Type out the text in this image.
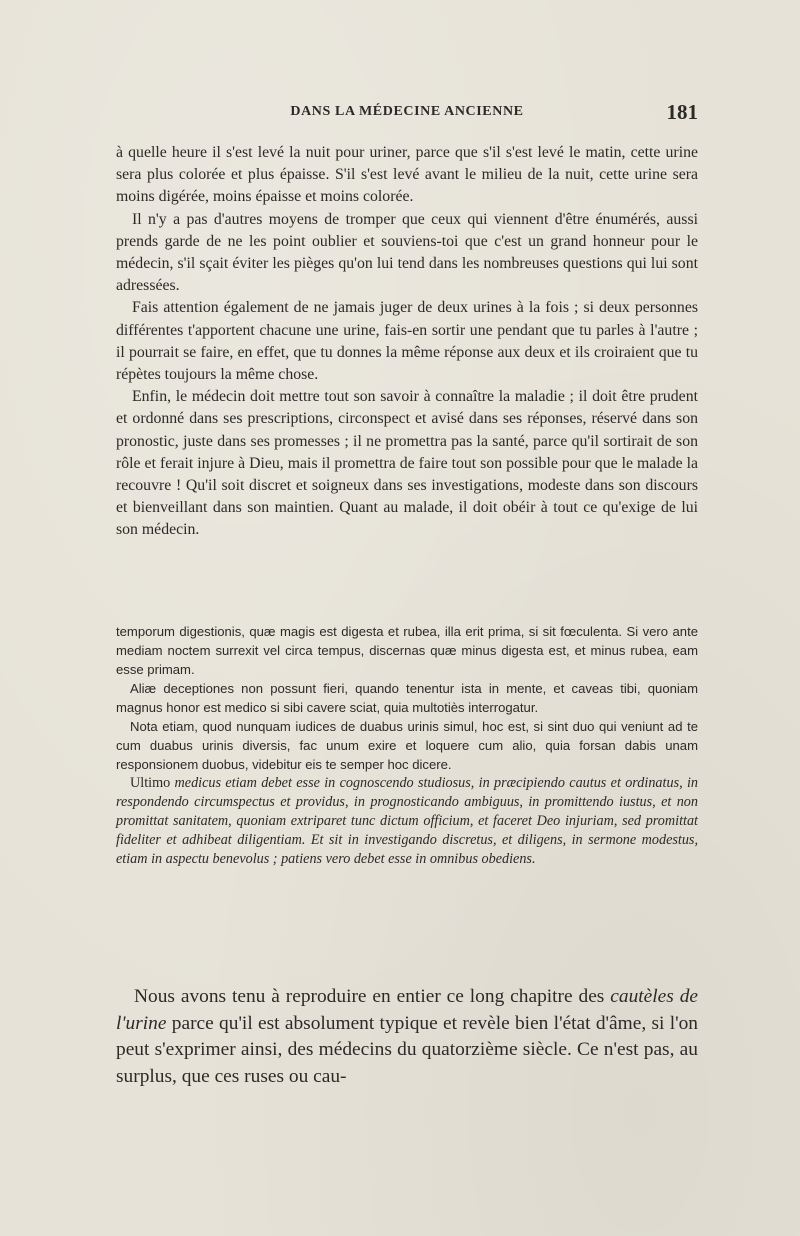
DANS LA MÉDECINE ANCIENNE	181

à quelle heure il s'est levé la nuit pour uriner, parce que s'il s'est levé le matin, cette urine sera plus colorée et plus épaisse. S'il s'est levé avant le milieu de la nuit, cette urine sera moins digérée, moins épaisse et moins colorée.

Il n'y a pas d'autres moyens de tromper que ceux qui viennent d'être énumérés, aussi prends garde de ne les point oublier et souviens-toi que c'est un grand honneur pour le médecin, s'il sçait éviter les pièges qu'on lui tend dans les nombreuses questions qui lui sont adressées.

Fais attention également de ne jamais juger de deux urines à la fois ; si deux personnes différentes t'apportent chacune une urine, fais-en sortir une pendant que tu parles à l'autre ; il pourrait se faire, en effet, que tu donnes la même réponse aux deux et ils croiraient que tu répètes toujours la même chose.

Enfin, le médecin doit mettre tout son savoir à connaître la maladie ; il doit être prudent et ordonné dans ses prescriptions, circonspect et avisé dans ses réponses, réservé dans son pronostic, juste dans ses promesses ; il ne promettra pas la santé, parce qu'il sortirait de son rôle et ferait injure à Dieu, mais il promettra de faire tout son possible pour que le malade la recouvre ! Qu'il soit discret et soigneux dans ses investigations, modeste dans son discours et bienveillant dans son maintien. Quant au malade, il doit obéir à tout ce qu'exige de lui son médecin.

temporum digestionis, quæ magis est digesta et rubea, illa erit prima, si sit fœculenta. Si vero ante mediam noctem surrexit vel circa tempus, discernas quæ minus digesta est, et minus rubea, eam esse primam.

Aliæ deceptiones non possunt fieri, quando tenentur ista in mente, et caveas tibi, quoniam magnus honor est medico si sibi cavere sciat, quia multotiès interrogatur.

Nota etiam, quod nunquam iudices de duabus urinis simul, hoc est, si sint duo qui veniunt ad te cum duabus urinis diversis, fac unum exire et loquere cum alio, quia forsan dabis unam responsionem duobus, videbitur eis te semper hoc dicere.

Ultimo medicus etiam debet esse in cognoscendo studiosus, in præcipiendo cautus et ordinatus, in respondendo circumspectus et providus, in prognosticando ambiguus, in promittendo iustus, et non promittat sanitatem, quoniam extriparet tunc dictum officium, et faceret Deo injuriam, sed promittat fideliter et adhibeat diligentiam. Et sit in investigando discretus, et diligens, in sermone modestus, etiam in aspectu benevolus ; patiens vero debet esse in omnibus obediens.

Nous avons tenu à reproduire en entier ce long chapitre des cautèles de l'urine parce qu'il est absolument typique et revèle bien l'état d'âme, si l'on peut s'exprimer ainsi, des médecins du quatorzième siècle. Ce n'est pas, au surplus, que ces ruses ou cau-
